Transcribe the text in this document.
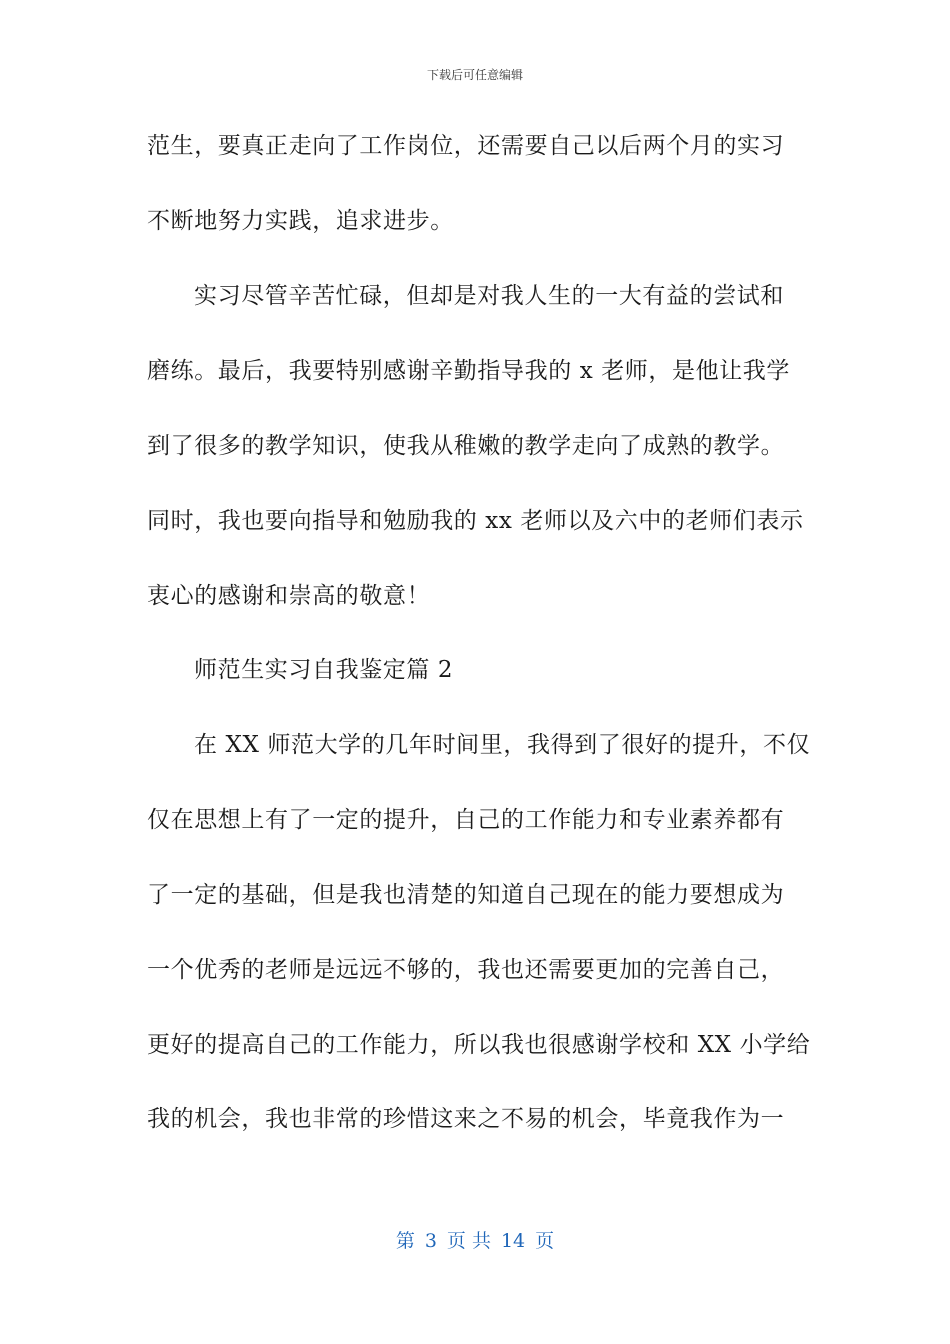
下载后可任意编辑
范生，要真正走向了工作岗位，还需要自己以后两个月的实习
不断地努力实践，追求进步。
实习尽管辛苦忙碌，但却是对我人生的一大有益的尝试和
磨练。最后，我要特别感谢辛勤指导我的 x 老师，是他让我学
到了很多的教学知识，使我从稚嫩的教学走向了成熟的教学。
同时，我也要向指导和勉励我的 xx 老师以及六中的老师们表示
衷心的感谢和崇高的敬意！
师范生实习自我鉴定篇 2
在 XX 师范大学的几年时间里，我得到了很好的提升，不仅
仅在思想上有了一定的提升，自己的工作能力和专业素养都有
了一定的基础，但是我也清楚的知道自己现在的能力要想成为
一个优秀的老师是远远不够的，我也还需要更加的完善自己，
更好的提高自己的工作能力，所以我也很感谢学校和 XX 小学给
我的机会，我也非常的珍惜这来之不易的机会，毕竟我作为一
第 3 页 共 14 页
